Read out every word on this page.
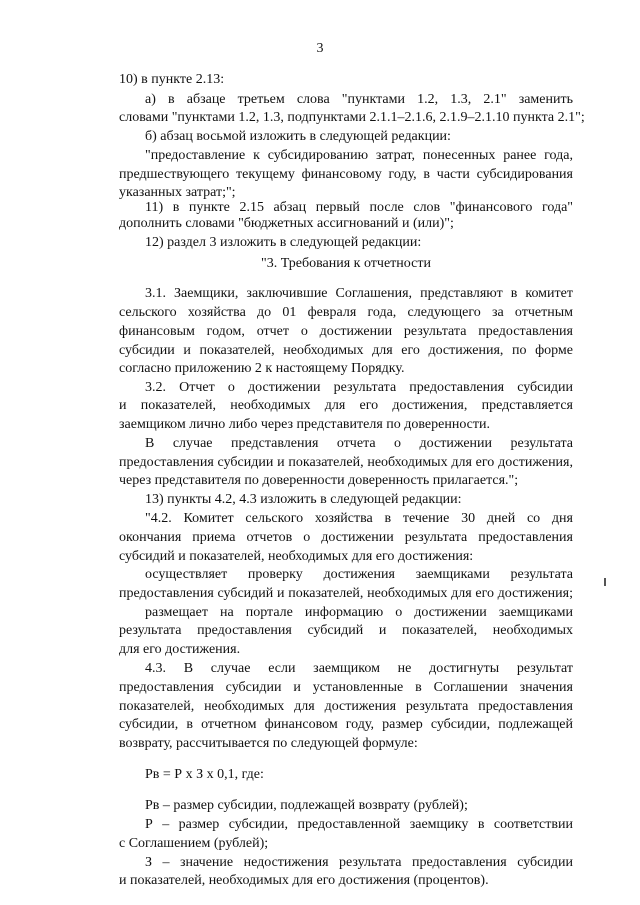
3
10) в пункте 2.13:
а) в абзаце третьем слова "пунктами 1.2, 1.3, 2.1" заменить
словами "пунктами 1.2, 1.3, подпунктами 2.1.1–2.1.6, 2.1.9–2.1.10 пункта 2.1";
б) абзац восьмой изложить в следующей редакции:
"предоставление к субсидированию затрат, понесенных ранее года,
предшествующего текущему финансовому году, в части субсидирования
указанных затрат;";
11) в пункте 2.15 абзац первый после слов "финансового года"
дополнить словами "бюджетных ассигнований и (или)";
12) раздел 3 изложить в следующей редакции:
"3. Требования к отчетности
3.1. Заемщики, заключившие Соглашения, представляют в комитет
сельского хозяйства до 01 февраля года, следующего за отчетным
финансовым годом, отчет о достижении результата предоставления
субсидии и показателей, необходимых для его достижения, по форме
согласно приложению 2 к настоящему Порядку.
3.2. Отчет о достижении результата предоставления субсидии
и показателей, необходимых для его достижения, представляется
заемщиком лично либо через представителя по доверенности.
В случае представления отчета о достижении результата
предоставления субсидии и показателей, необходимых для его достижения,
через представителя по доверенности доверенность прилагается.";
13) пункты 4.2, 4.3 изложить в следующей редакции:
"4.2. Комитет сельского хозяйства в течение 30 дней со дня
окончания приема отчетов о достижении результата предоставления
субсидий и показателей, необходимых для его достижения:
осуществляет проверку достижения заемщиками результата
предоставления субсидий и показателей, необходимых для его достижения;
размещает на портале информацию о достижении заемщиками
результата предоставления субсидий и показателей, необходимых
для его достижения.
4.3. В случае если заемщиком не достигнуты результат
предоставления субсидии и установленные в Соглашении значения
показателей, необходимых для достижения результата предоставления
субсидии, в отчетном финансовом году, размер субсидии, подлежащей
возврату, рассчитывается по следующей формуле:
Рв = Р х З х 0,1, где:
Рв – размер субсидии, подлежащей возврату (рублей);
Р – размер субсидии, предоставленной заемщику в соответствии
с Соглашением (рублей);
З – значение недостижения результата предоставления субсидии
и показателей, необходимых для его достижения (процентов).
